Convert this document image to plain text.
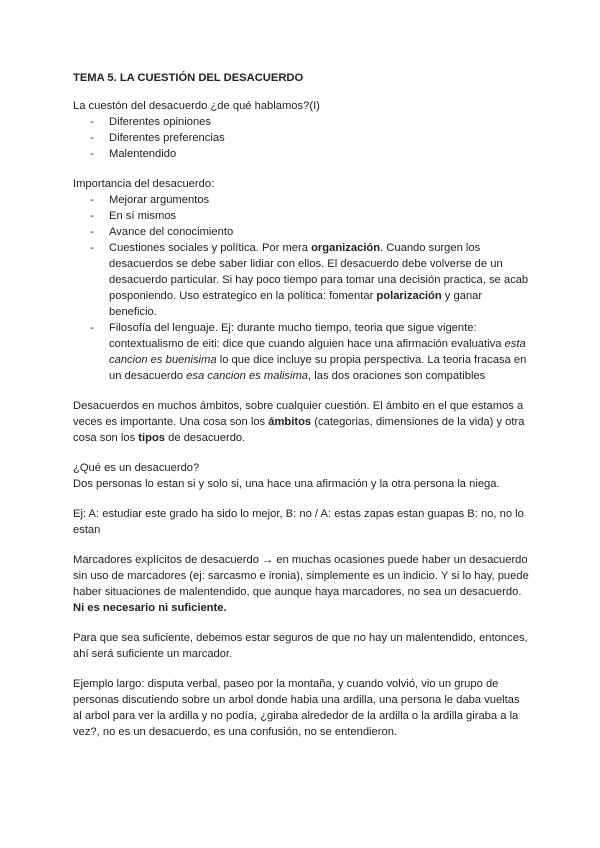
TEMA 5. LA CUESTIÓN DEL DESACUERDO

La cuestón del desacuerdo ¿de qué hablamos?(I)

- Diferentes opiniones
- Diferentes preferencias
- Malentendido

Importancia del desacuerdo:

- Mejorar argumentos
- En sí mismos
- Avance del conocimiento
- Cuestiones sociales y política. Por mera organización. Cuando surgen los desacuerdos se debe saber lidiar con ellos. El desacuerdo debe volverse de un desacuerdo particular. Si hay poco tiempo para tomar una decisión practica, se acab posponiendo. Uso estrategico en la política: fomentar polarización y ganar beneficio.
- Filosofía del lenguaje. Ej: durante mucho tiempo, teoria que sigue vigente: contextualismo de eiti: dice que cuando alguien hace una afirmación evaluativa esta cancion es buenisima lo que dice incluye su propia perspectiva. La teoria fracasa en un desacuerdo esa cancion es malisima, las dos oraciones son compatibles

Desacuerdos en muchos ámbitos, sobre cualquier cuestión. El ámbito en el que estamos a veces es importante. Una cosa son los ámbitos (categorias, dimensiones de la vida) y otra cosa son los tipos de desacuerdo.

¿Qué es un desacuerdo?

Dos personas lo estan si y solo si, una hace una afirmación y la otra persona la niega.

Ej: A: estudiar este grado ha sido lo mejor, B: no / A: estas zapas estan guapas B: no, no lo estan

Marcadores explícitos de desacuerdo → en muchas ocasiones puede haber un desacuerdo sin uso de marcadores (ej: sarcasmo e ironia), simplemente es un indicio. Y si lo hay, puede haber situaciones de malentendido, que aunque haya marcadores, no sea un desacuerdo.

Ni es necesario ni suficiente.

Para que sea suficiente, debemos estar seguros de que no hay un malentendido, entonces, ahí será suficiente un marcador.

Ejemplo largo: disputa verbal, paseo por la montaña, y cuando volvió, vio un grupo de personas discutiendo sobre un arbol donde habia una ardilla, una persona le daba vueltas al arbol para ver la ardilla y no podía, ¿giraba alrededor de la ardilla o la ardilla giraba a la vez?, no es un desacuerdo, es una confusión, no se entendieron.
